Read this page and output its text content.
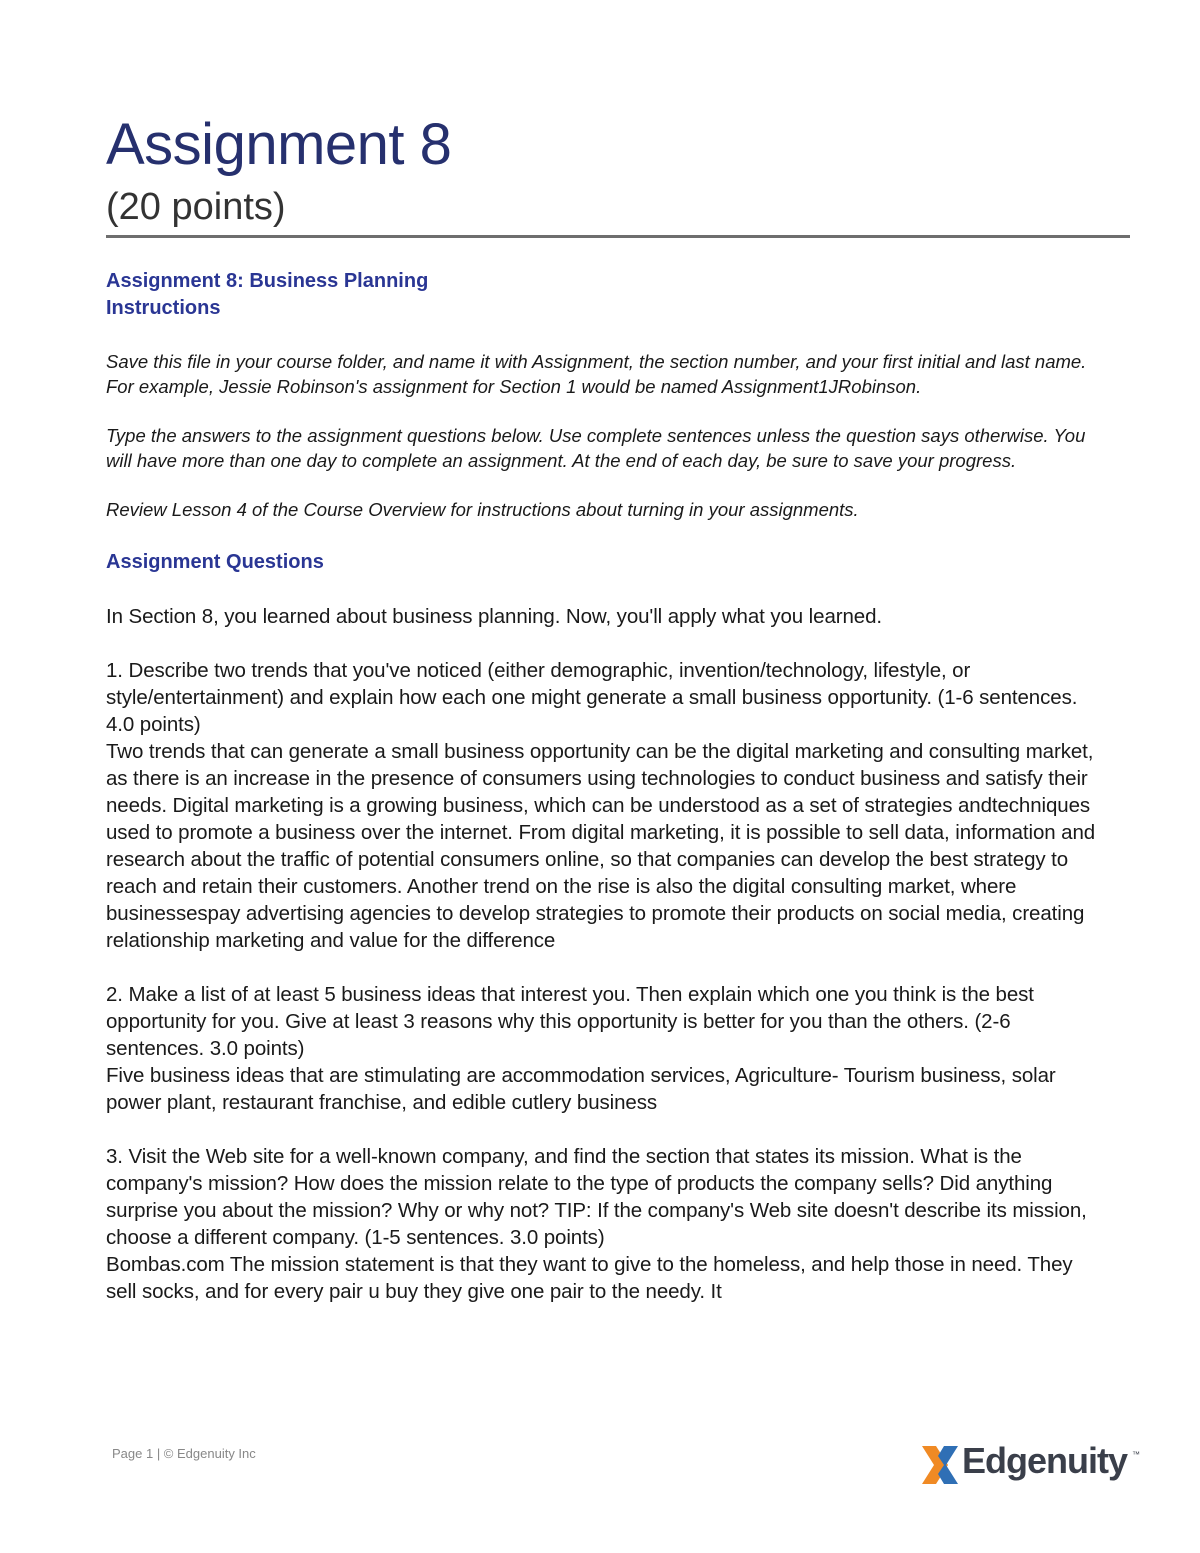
Assignment 8
(20 points)

Assignment 8: Business Planning

Instructions

Save this file in your course folder, and name it with Assignment, the section number, and your first initial and last name. For example, Jessie Robinson's assignment for Section 1 would be named Assignment1JRobinson.

Type the answers to the assignment questions below. Use complete sentences unless the question says otherwise. You will have more than one day to complete an assignment. At the end of each day, be sure to save your progress.

Review Lesson 4 of the Course Overview for instructions about turning in your assignments.

Assignment Questions

In Section 8, you learned about business planning. Now, you'll apply what you learned.

1. Describe two trends that you've noticed (either demographic, invention/technology, lifestyle, or style/entertainment) and explain how each one might generate a small business opportunity. (1-6 sentences. 4.0 points)

Two trends that can generate a small business opportunity can be the digital marketing and consulting market, as there is an increase in the presence of consumers using technologies to conduct business and satisfy their needs. Digital marketing is a growing business, which can be understood as a set of strategies andtechniques used to promote a business over the internet. From digital marketing, it is possible to sell data, information and research about the traffic of potential consumers online, so that companies can develop the best strategy to reach and retain their customers. Another trend on the rise is also the digital consulting market, where businessespay advertising agencies to develop strategies to promote their products on social media, creating relationship marketing and value for the difference

2. Make a list of at least 5 business ideas that interest you. Then explain which one you think is the best opportunity for you. Give at least 3 reasons why this opportunity is better for you than the others. (2-6 sentences. 3.0 points)

Five business ideas that are stimulating are accommodation services, Agriculture- Tourism business, solar power plant, restaurant franchise, and edible cutlery business

3. Visit the Web site for a well-known company, and find the section that states its mission. What is the company's mission? How does the mission relate to the type of products the company sells? Did anything surprise you about the mission? Why or why not? TIP: If the company's Web site doesn't describe its mission, choose a different company. (1-5 sentences. 3.0 points)

Bombas.com The mission statement is that they want to give to the homeless, and help those in need. They sell socks, and for every pair u buy they give one pair to the needy. It

Page 1 | © Edgenuity Inc	Edgenuity ™
